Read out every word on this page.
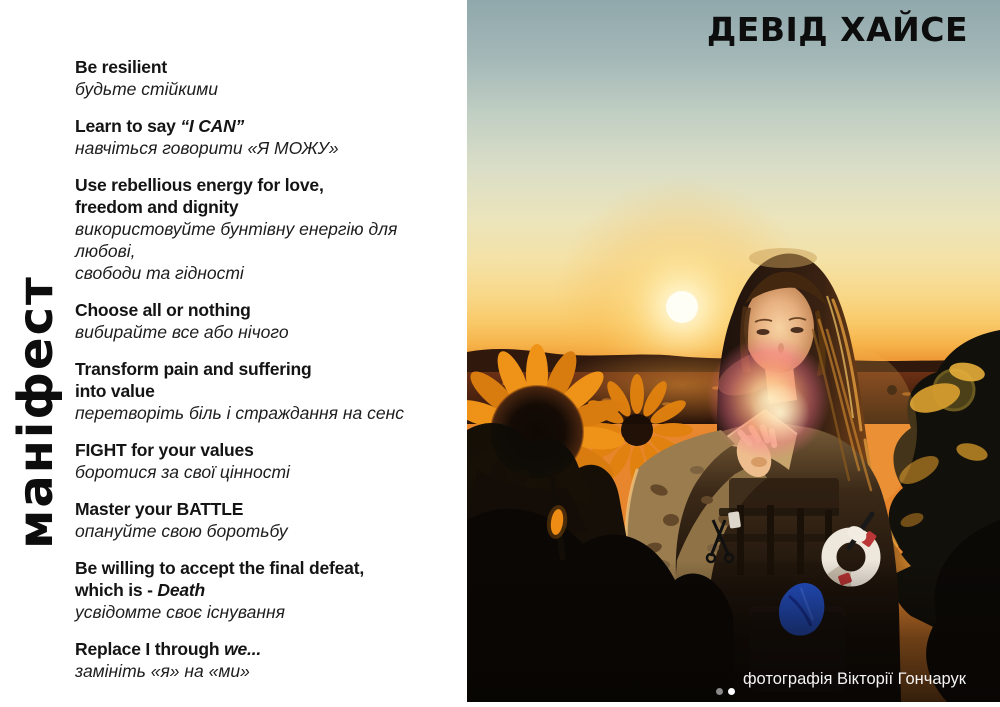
маніфест
Be resilient
будьте стійкими
Learn to say “I CAN”
навчіться говорити «Я МОЖУ»
Use rebellious energy for love,
freedom and dignity
використовуйте бунтівну енергію для любові,
свободи та гідності
Choose all or nothing
вибирайте все або нічого
Transform pain and suffering
into value
перетворіть біль і страждання на сенс
FIGHT for your values
боротися за свої цінності
Master your BATTLE
опануйте свою боротьбу
Be willing to accept the final defeat,
which is - Death
усвідомте своє існування
Replace I through we...
замініть «я» на «ми»
ДЕВІД ХАЙСЕ
фотографія Вікторії Гончарук
